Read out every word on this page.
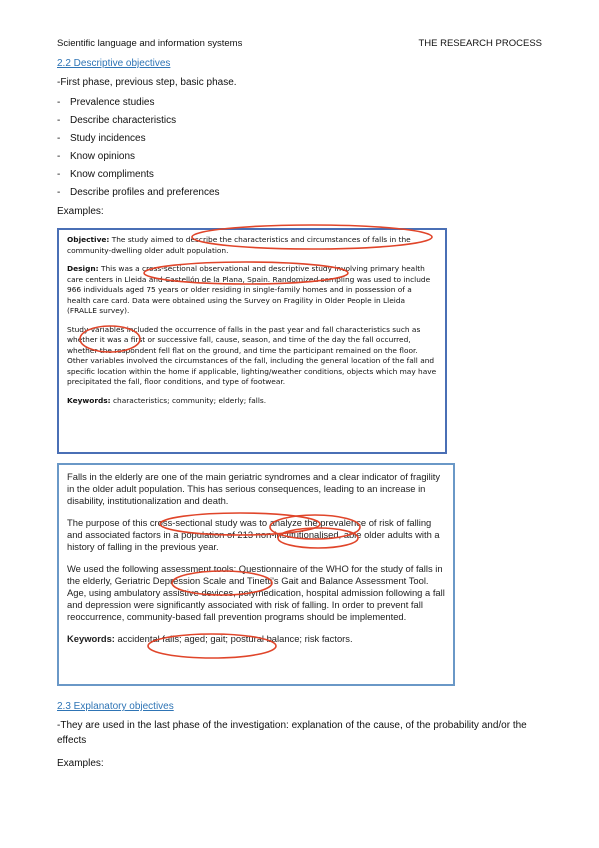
Scientific language and information systems	THE RESEARCH PROCESS
2.2 Descriptive objectives
-First phase, previous step, basic phase.
- Prevalence studies
- Describe characteristics
- Study incidences
- Know opinions
- Know compliments
- Describe profiles and preferences
Examples:

Objective: The study aimed to describe the characteristics and circumstances of falls in the community-dwelling older adult population.

Design: This was a cross-sectional observational and descriptive study involving primary health care centers in Lleida and Castellón de la Plana, Spain. Randomized sampling was used to include 966 individuals aged 75 years or older residing in single-family homes and in possession of a health care card. Data were obtained using the Survey on Fragility in Older People in Lleida (FRALLE survey).

Study variables included the occurrence of falls in the past year and fall characteristics such as whether it was a first or successive fall, cause, season, and time of the day the fall occurred, whether the respondent fell flat on the ground, and time the participant remained on the floor. Other variables involved the circumstances of the fall, including the general location of the fall and specific location within the home if applicable, lighting/weather conditions, objects which may have precipitated the fall, floor conditions, and type of footwear.

Keywords: characteristics; community; elderly; falls.

Falls in the elderly are one of the main geriatric syndromes and a clear indicator of fragility in the older adult population. This has serious consequences, leading to an increase in disability, institutionalization and death.

The purpose of this cross-sectional study was to analyze the prevalence of risk of falling and associated factors in a population of 213 non-institutionalised, able older adults with a history of falling in the previous year.

We used the following assessment tools: Questionnaire of the WHO for the study of falls in the elderly, Geriatric Depression Scale and Tinetti's Gait and Balance Assessment Tool. Age, using ambulatory assistive devices, polymedication, hospital admission following a fall and depression were significantly associated with risk of falling. In order to prevent fall reoccurrence, community-based fall prevention programs should be implemented.

Keywords: accidental falls; aged; gait; postural balance; risk factors.

2.3 Explanatory objectives
-They are used in the last phase of the investigation: explanation of the cause, of the probability and/or the effects
Examples:
